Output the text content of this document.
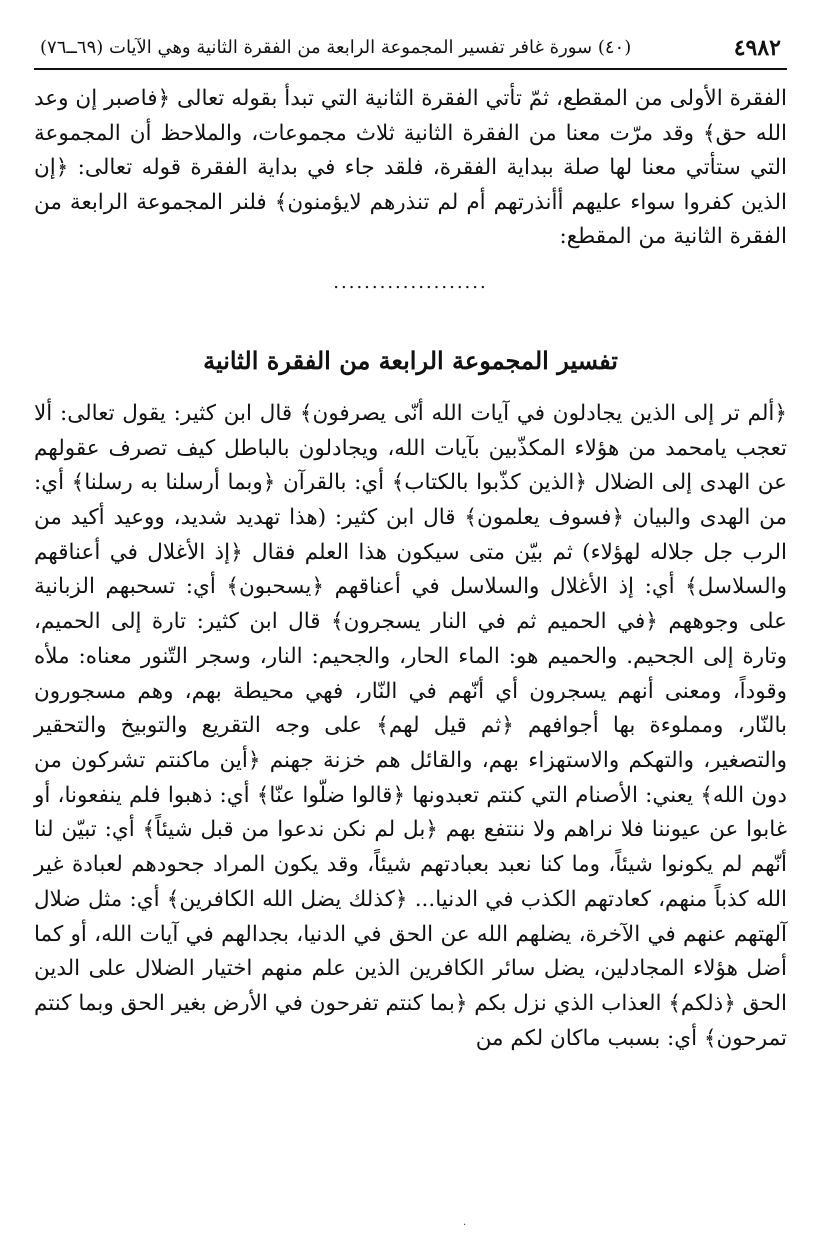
٤٩٨٢
(٤٠) سورة غافر تفسير المجموعة الرابعة من الفقرة الثانية وهي الآيات (٦٩ــ٧٦)

الفقرة الأولى من المقطع، ثمّ تأتي الفقرة الثانية التي تبدأ بقوله تعالى ﴿فاصبر إن وعد الله حق﴾ وقد مرّت معنا من الفقرة الثانية ثلاث مجموعات، والملاحظ أن المجموعة التي ستأتي معنا لها صلة ببداية الفقرة، فلقد جاء في بداية الفقرة قوله تعالى: ﴿إن الذين كفروا سواء عليهم أأنذرتهم أم لم تنذرهم لايؤمنون﴾ فلنر المجموعة الرابعة من الفقرة الثانية من المقطع:

....................
تفسير المجموعة الرابعة من الفقرة الثانية

﴿ألم تر إلى الذين يجادلون في آيات الله أنّى يصرفون﴾ قال ابن كثير: يقول تعالى: ألا تعجب يامحمد من هؤلاء المكذّبين بآيات الله، ويجادلون بالباطل كيف تصرف عقولهم عن الهدى إلى الضلال ﴿الذين كذّبوا بالكتاب﴾ أي: بالقرآن ﴿وبما أرسلنا به رسلنا﴾ أي: من الهدى والبيان ﴿فسوف يعلمون﴾ قال ابن كثير: (هذا تهديد شديد، ووعيد أكيد من الرب جل جلاله لهؤلاء) ثم بيّن متى سيكون هذا العلم فقال ﴿إذ الأغلال في أعناقهم والسلاسل﴾ أي: إذ الأغلال والسلاسل في أعناقهم ﴿يسحبون﴾ أي: تسحبهم الزبانية على وجوههم ﴿في الحميم ثم في النار يسجرون﴾ قال ابن كثير: تارة إلى الحميم، وتارة إلى الجحيم. والحميم هو: الماء الحار، والجحيم: النار، وسجر التّنور معناه: ملأه وقوداً، ومعنى أنهم يسجرون أي أنّهم في النّار، فهي محيطة بهم، وهم مسجورون بالنّار، ومملوءة بها أجوافهم ﴿ثم قيل لهم﴾ على وجه التقريع والتوبيخ والتحقير والتصغير، والتهكم والاستهزاء بهم، والقائل هم خزنة جهنم ﴿أين ماكنتم تشركون من دون الله﴾ يعني: الأصنام التي كنتم تعبدونها ﴿قالوا ضلّوا عنّا﴾ أي: ذهبوا فلم ينفعونا، أو غابوا عن عيوننا فلا نراهم ولا ننتفع بهم ﴿بل لم نكن ندعوا من قبل شيئاً﴾ أي: تبيّن لنا أنّهم لم يكونوا شيئاً، وما كنا نعبد بعبادتهم شيئاً، وقد يكون المراد جحودهم لعبادة غير الله كذباً منهم، كعادتهم الكذب في الدنيا... ﴿كذلك يضل الله الكافرين﴾ أي: مثل ضلال آلهتهم عنهم في الآخرة، يضلهم الله عن الحق في الدنيا، بجدالهم في آيات الله، أو كما أضل هؤلاء المجادلين، يضل سائر الكافرين الذين علم منهم اختيار الضلال على الدين الحق ﴿ذلكم﴾ العذاب الذي نزل بكم ﴿بما كنتم تفرحون في الأرض بغير الحق وبما كنتم تمرحون﴾ أي: بسبب ماكان لكم من

.
